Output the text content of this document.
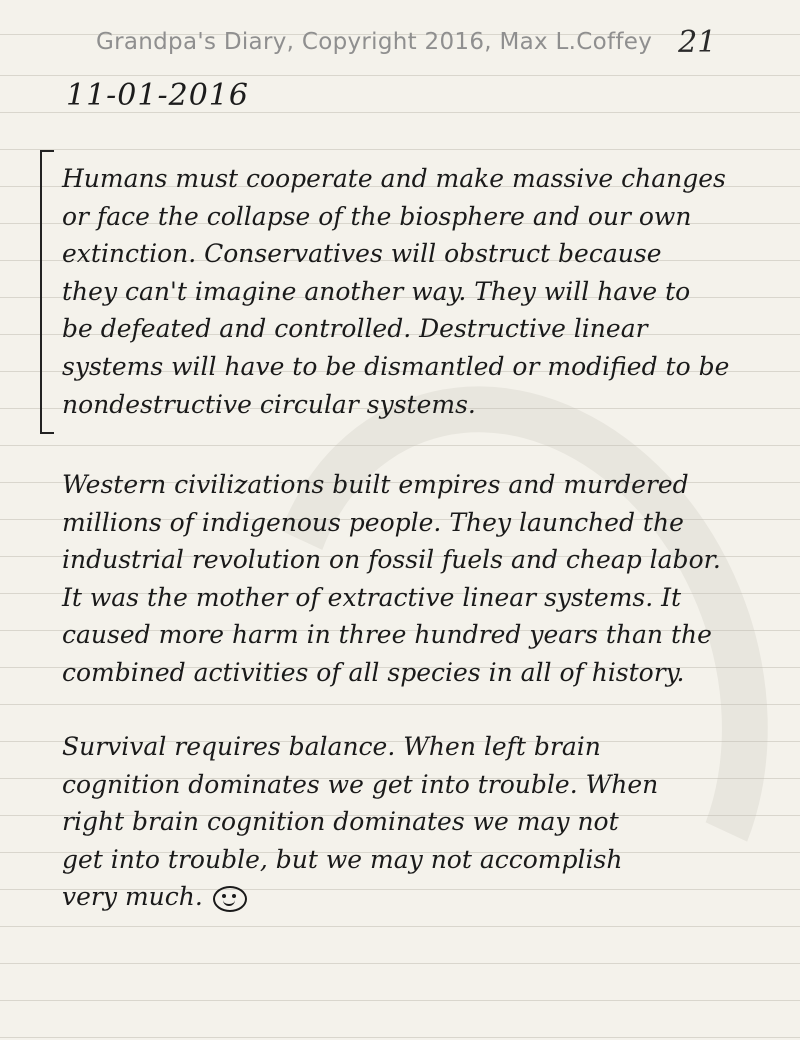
Grandpa's Diary, Copyright 2016, Max L.Coffey 21
11-01-2016
Humans must cooperate and make massive changes
or face the collapse of the biosphere and our own
extinction. Conservatives will obstruct because
they can't imagine another way. They will have to
be defeated and controlled. Destructive linear
systems will have to be dismantled or modified to be
nondestructive circular systems.
Western civilizations built empires and murdered
millions of indigenous people. They launched the
industrial revolution on fossil fuels and cheap labor.
It was the mother of extractive linear systems. It
caused more harm in three hundred years than the
combined activities of all species in all of history.
Survival requires balance. When left brain
cognition dominates we get into trouble. When
right brain cognition dominates we may not
get into trouble, but we may not accomplish
very much.
